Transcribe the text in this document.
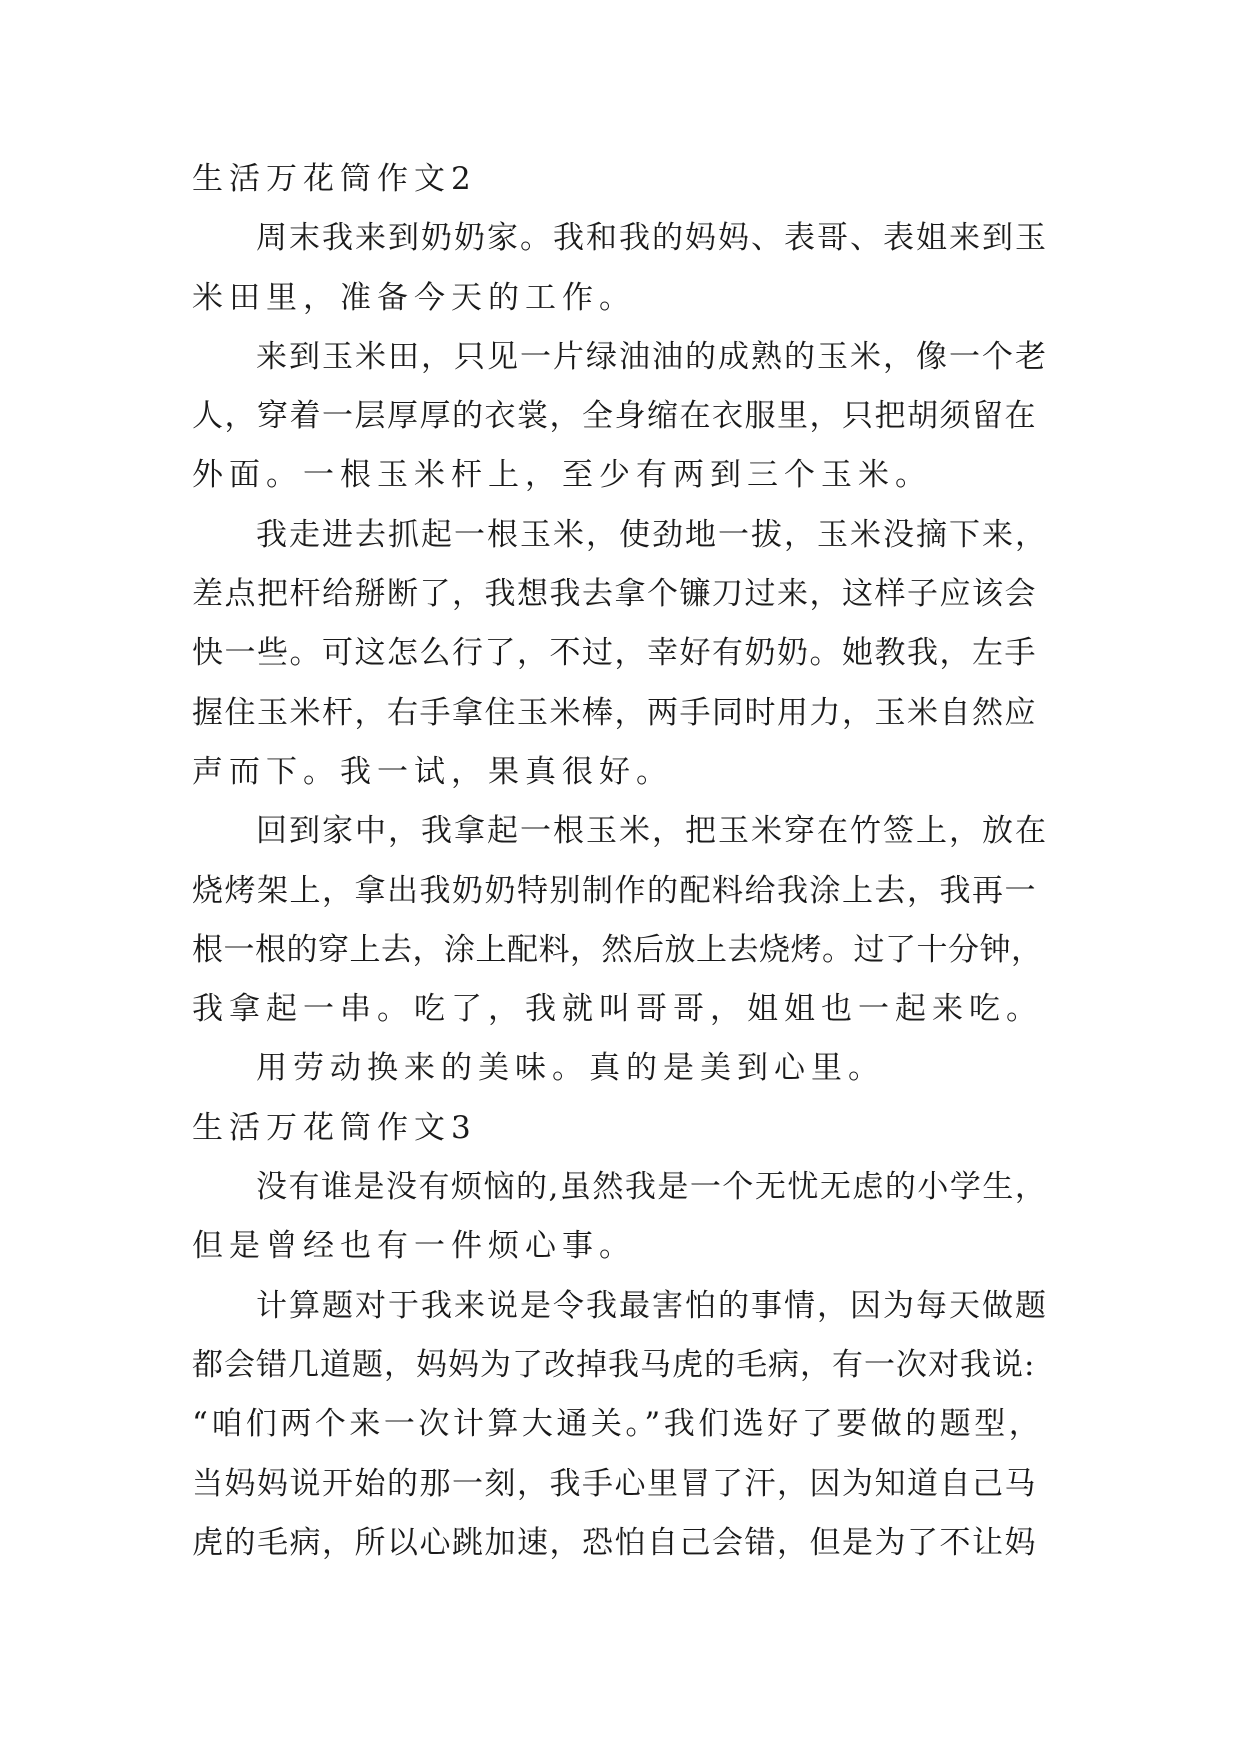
生活万花筒作文2
周末我来到奶奶家。我和我的妈妈、表哥、表姐来到玉
米田里，准备今天的工作。
来到玉米田，只见一片绿油油的成熟的玉米，像一个老
人，穿着一层厚厚的衣裳，全身缩在衣服里，只把胡须留在
外面。一根玉米杆上，至少有两到三个玉米。
我走进去抓起一根玉米，使劲地一拔，玉米没摘下来，
差点把杆给掰断了，我想我去拿个镰刀过来，这样子应该会
快一些。可这怎么行了，不过，幸好有奶奶。她教我，左手
握住玉米杆，右手拿住玉米棒，两手同时用力，玉米自然应
声而下。我一试，果真很好。
回到家中，我拿起一根玉米，把玉米穿在竹签上，放在
烧烤架上，拿出我奶奶特别制作的配料给我涂上去，我再一
根一根的穿上去，涂上配料，然后放上去烧烤。过了十分钟，
我拿起一串。吃了，我就叫哥哥，姐姐也一起来吃。
用劳动换来的美味。真的是美到心里。
生活万花筒作文3
没有谁是没有烦恼的,虽然我是一个无忧无虑的小学生，
但是曾经也有一件烦心事。
计算题对于我来说是令我最害怕的事情，因为每天做题
都会错几道题，妈妈为了改掉我马虎的毛病，有一次对我说:
“咱们两个来一次计算大通关。”我们选好了要做的题型，
当妈妈说开始的那一刻，我手心里冒了汗，因为知道自己马
虎的毛病，所以心跳加速，恐怕自己会错，但是为了不让妈
